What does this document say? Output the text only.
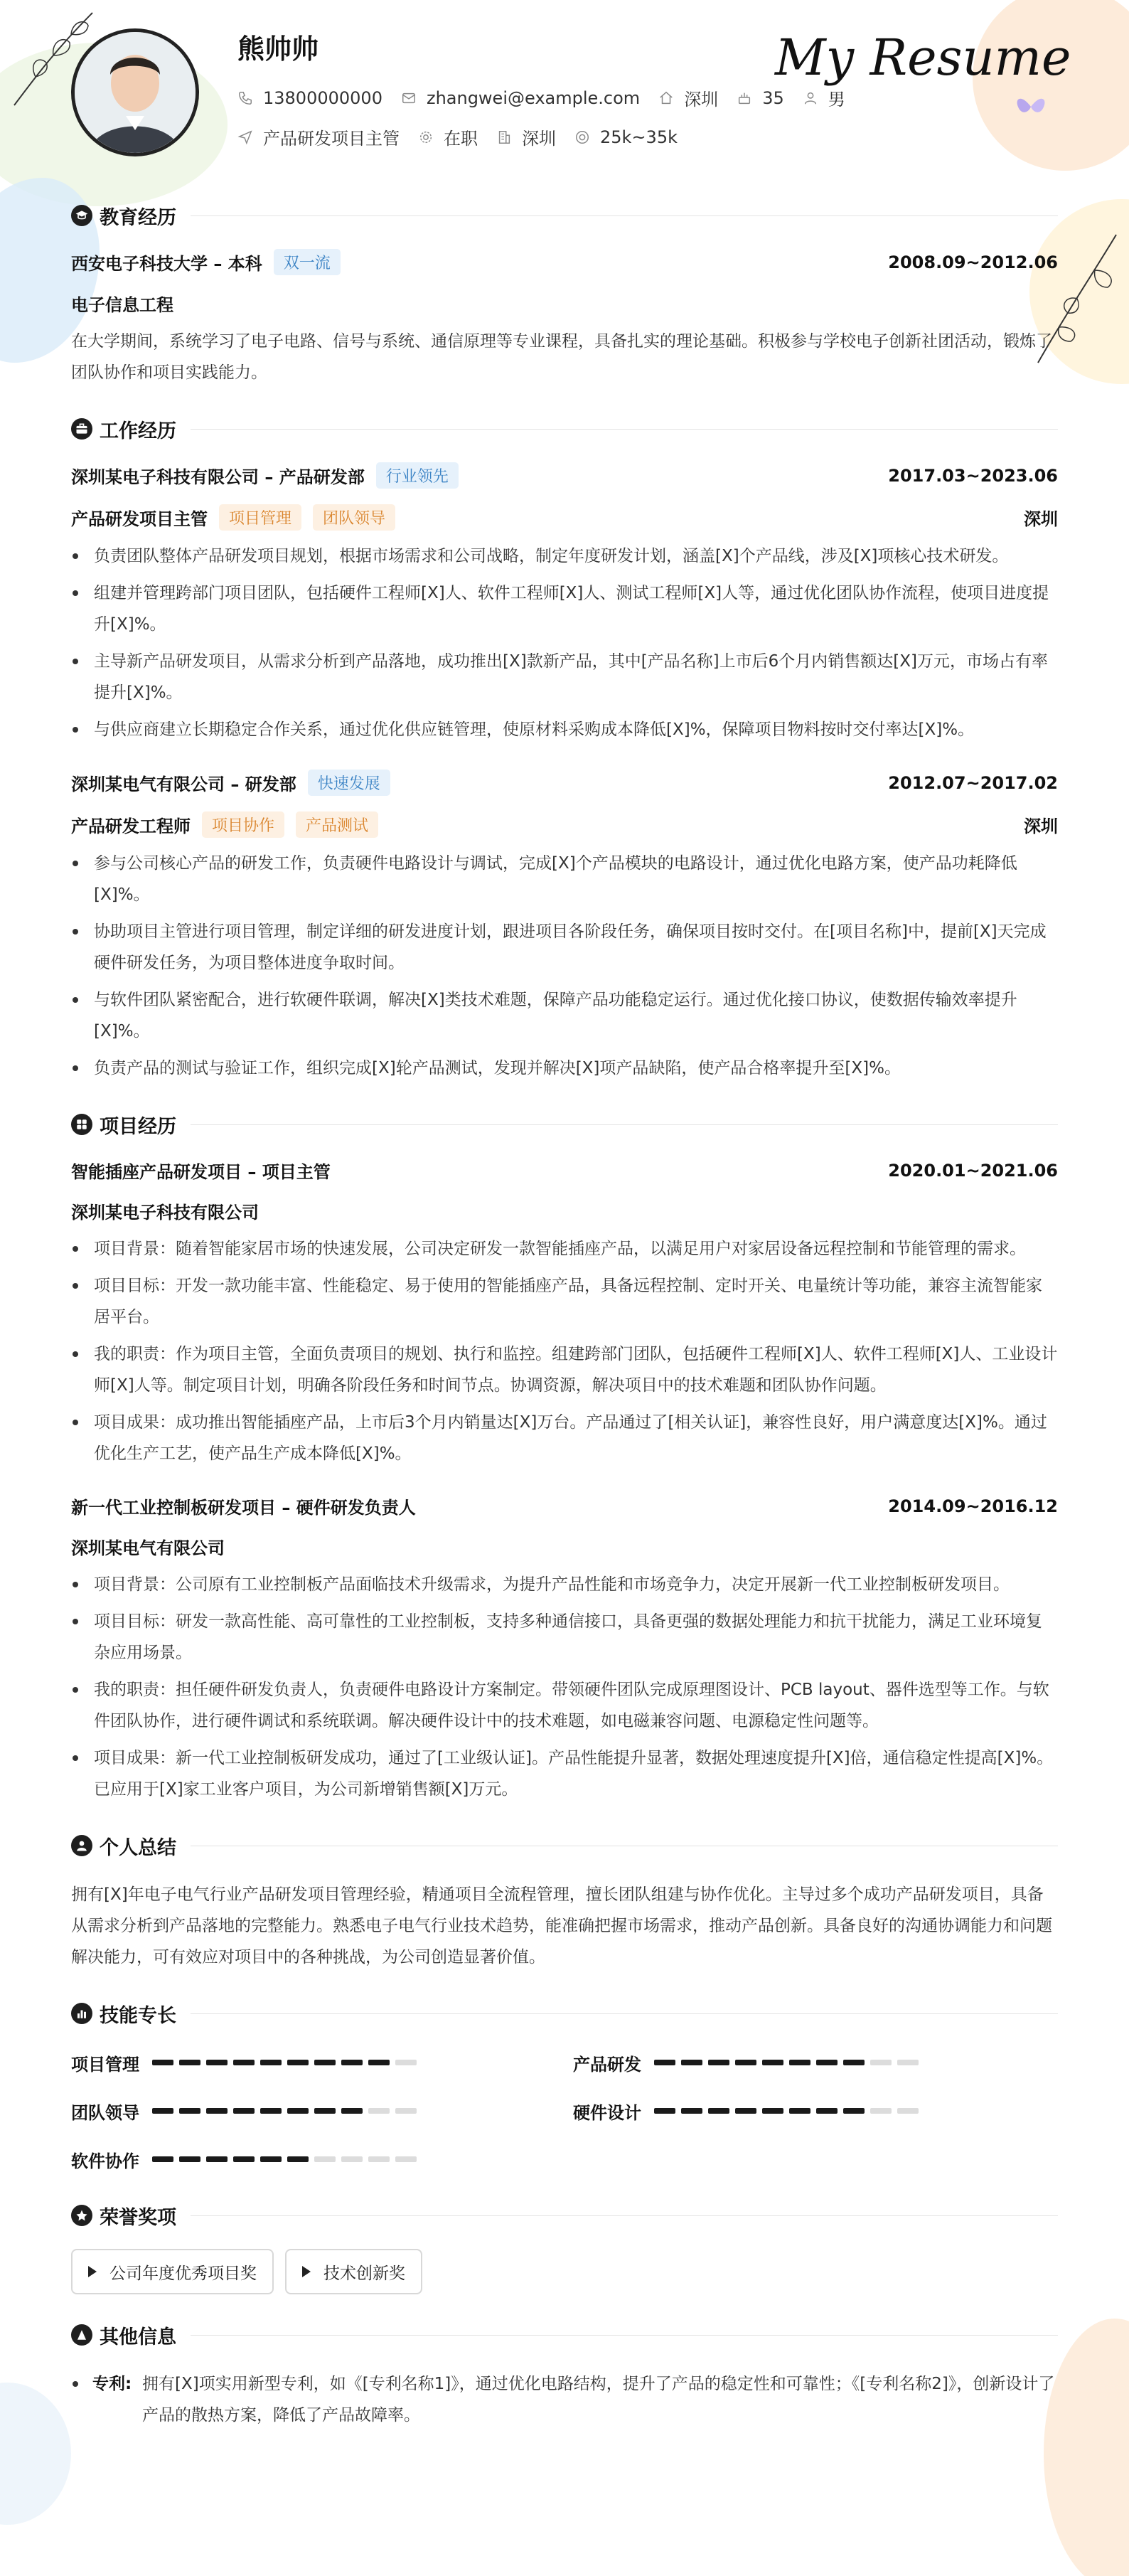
熊帅帅	My Resume
13800000000	zhangwei@example.com	深圳	35	男
产品研发项目主管	在职	深圳	25k~35k
教育经历
西安电子科技大学 – 本科	双一流	2008.09~2012.06
电子信息工程
在大学期间，系统学习了电子电路、信号与系统、通信原理等专业课程，具备扎实的理论基础。积极参与学校电子创新社团活动，锻炼了团队协作和项目实践能力。
工作经历
深圳某电子科技有限公司 – 产品研发部	行业领先	2017.03~2023.06
产品研发项目主管	项目管理	团队领导	深圳
负责团队整体产品研发项目规划，根据市场需求和公司战略，制定年度研发计划，涵盖[X]个产品线，涉及[X]项核心技术研发。
组建并管理跨部门项目团队，包括硬件工程师[X]人、软件工程师[X]人、测试工程师[X]人等，通过优化团队协作流程，使项目进度提升[X]%。
主导新产品研发项目，从需求分析到产品落地，成功推出[X]款新产品，其中[产品名称]上市后6个月内销售额达[X]万元，市场占有率提升[X]%。
与供应商建立长期稳定合作关系，通过优化供应链管理，使原材料采购成本降低[X]%，保障项目物料按时交付率达[X]%。
深圳某电气有限公司 – 研发部	快速发展	2012.07~2017.02
产品研发工程师	项目协作	产品测试	深圳
参与公司核心产品的研发工作，负责硬件电路设计与调试，完成[X]个产品模块的电路设计，通过优化电路方案，使产品功耗降低[X]%。
协助项目主管进行项目管理，制定详细的研发进度计划，跟进项目各阶段任务，确保项目按时交付。在[项目名称]中，提前[X]天完成硬件研发任务，为项目整体进度争取时间。
与软件团队紧密配合，进行软硬件联调，解决[X]类技术难题，保障产品功能稳定运行。通过优化接口协议，使数据传输效率提升[X]%。
负责产品的测试与验证工作，组织完成[X]轮产品测试，发现并解决[X]项产品缺陷，使产品合格率提升至[X]%。
项目经历
智能插座产品研发项目 – 项目主管	2020.01~2021.06
深圳某电子科技有限公司
项目背景：随着智能家居市场的快速发展，公司决定研发一款智能插座产品，以满足用户对家居设备远程控制和节能管理的需求。
项目目标：开发一款功能丰富、性能稳定、易于使用的智能插座产品，具备远程控制、定时开关、电量统计等功能，兼容主流智能家居平台。
我的职责：作为项目主管，全面负责项目的规划、执行和监控。组建跨部门团队，包括硬件工程师[X]人、软件工程师[X]人、工业设计师[X]人等。制定项目计划，明确各阶段任务和时间节点。协调资源，解决项目中的技术难题和团队协作问题。
项目成果：成功推出智能插座产品，上市后3个月内销量达[X]万台。产品通过了[相关认证]，兼容性良好，用户满意度达[X]%。通过优化生产工艺，使产品生产成本降低[X]%。
新一代工业控制板研发项目 – 硬件研发负责人	2014.09~2016.12
深圳某电气有限公司
项目背景：公司原有工业控制板产品面临技术升级需求，为提升产品性能和市场竞争力，决定开展新一代工业控制板研发项目。
项目目标：研发一款高性能、高可靠性的工业控制板，支持多种通信接口，具备更强的数据处理能力和抗干扰能力，满足工业环境复杂应用场景。
我的职责：担任硬件研发负责人，负责硬件电路设计方案制定。带领硬件团队完成原理图设计、PCB layout、器件选型等工作。与软件团队协作，进行硬件调试和系统联调。解决硬件设计中的技术难题，如电磁兼容问题、电源稳定性问题等。
项目成果：新一代工业控制板研发成功，通过了[工业级认证]。产品性能提升显著，数据处理速度提升[X]倍，通信稳定性提高[X]%。已应用于[X]家工业客户项目，为公司新增销售额[X]万元。
个人总结
拥有[X]年电子电气行业产品研发项目管理经验，精通项目全流程管理，擅长团队组建与协作优化。主导过多个成功产品研发项目，具备从需求分析到产品落地的完整能力。熟悉电子电气行业技术趋势，能准确把握市场需求，推动产品创新。具备良好的沟通协调能力和问题解决能力，可有效应对项目中的各种挑战，为公司创造显著价值。
技能专长
项目管理	产品研发
团队领导	硬件设计
软件协作
荣誉奖项
公司年度优秀项目奖	技术创新奖
其他信息
专利: 拥有[X]项实用新型专利，如《[专利名称1]》，通过优化电路结构，提升了产品的稳定性和可靠性；《[专利名称2]》，创新设计了产品的散热方案，降低了产品故障率。
